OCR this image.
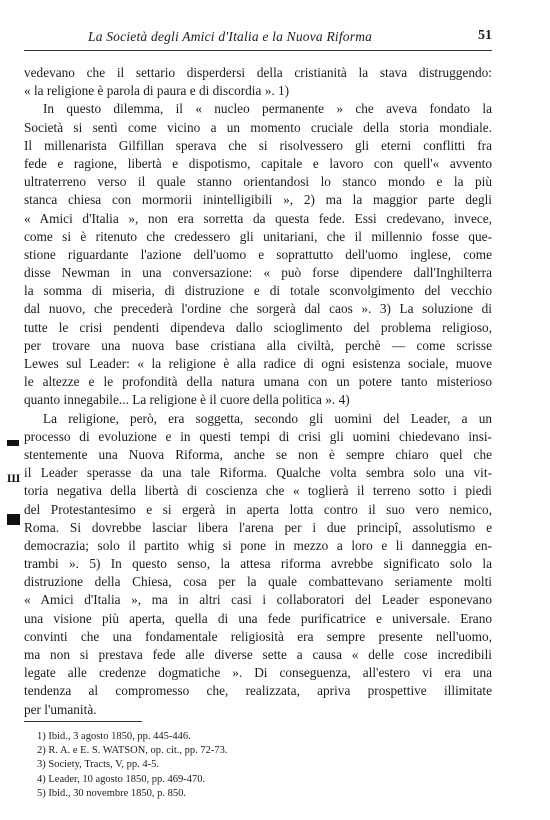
La Società degli Amici d'Italia e la Nuova Riforma	51
vedevano che il settario disperdersi della cristianità la stava distruggendo:
« la religione è parola di paura e di discordia ». 1)
In questo dilemma, il « nucleo permanente » che aveva fondato la
Società si sentì come vicino a un momento cruciale della storia mondiale.
Il millenarista Gilfillan sperava che si risolvessero gli eterni conflitti fra
fede e ragione, libertà e dispotismo, capitale e lavoro con quell'« avvento
ultraterreno verso il quale stanno orientandosi lo stanco mondo e la più
stanca chiesa con mormorii inintelligibili », 2) ma la maggior parte degli
« Amici d'Italia », non era sorretta da questa fede. Essi credevano, invece,
come si è ritenuto che credessero gli unitariani, che il millennio fosse que-
stione riguardante l'azione dell'uomo e soprattutto dell'uomo inglese, come
disse Newman in una conversazione: « può forse dipendere dall'Inghilterra
la somma di miseria, di distruzione e di totale sconvolgimento del vecchio
dal nuovo, che precederà l'ordine che sorgerà dal caos ». 3) La soluzione di
tutte le crisi pendenti dipendeva dallo scioglimento del problema religioso,
per trovare una nuova base cristiana alla civiltà, perchè — come scrisse
Lewes sul Leader: « la religione è alla radice di ogni esistenza sociale, muove
le altezze e le profondità della natura umana con un potere tanto misterioso
quanto innegabile... La religione è il cuore della politica ». 4)
La religione, però, era soggetta, secondo gli uomini del Leader, a un
processo di evoluzione e in questi tempi di crisi gli uomini chiedevano insi-
stentemente una Nuova Riforma, anche se non è sempre chiaro quel che
il Leader sperasse da una tale Riforma. Qualche volta sembra solo una vit-
toria negativa della libertà di coscienza che « toglierà il terreno sotto i piedi
del Protestantesimo e si ergerà in aperta lotta contro il suo vero nemico,
Roma. Si dovrebbe lasciar libera l'arena per i due principî, assolutismo e
democrazia; solo il partito whig si pone in mezzo a loro e li danneggia en-
trambi ». 5) In questo senso, la attesa riforma avrebbe significato solo la
distruzione della Chiesa, cosa per la quale combattevano seriamente molti
« Amici d'Italia », ma in altri casi i collaboratori del Leader esponevano
una visione più aperta, quella di una fede purificatrice e universale. Erano
convinti che una fondamentale religiosità era sempre presente nell'uomo,
ma non si prestava fede alle diverse sette a causa « delle cose incredibili
legate alle credenze dogmatiche ». Di conseguenza, all'estero vi era una
tendenza al compromesso che, realizzata, apriva prospettive illimitate
per l'umanità.
1) Ibid., 3 agosto 1850, pp. 445-446.
2) R. A. e E. S. WATSON, op. cit., pp. 72-73.
3) Society, Tracts, V, pp. 4-5.
4) Leader, 10 agosto 1850, pp. 469-470.
5) Ibid., 30 novembre 1850, p. 850.
Ш
